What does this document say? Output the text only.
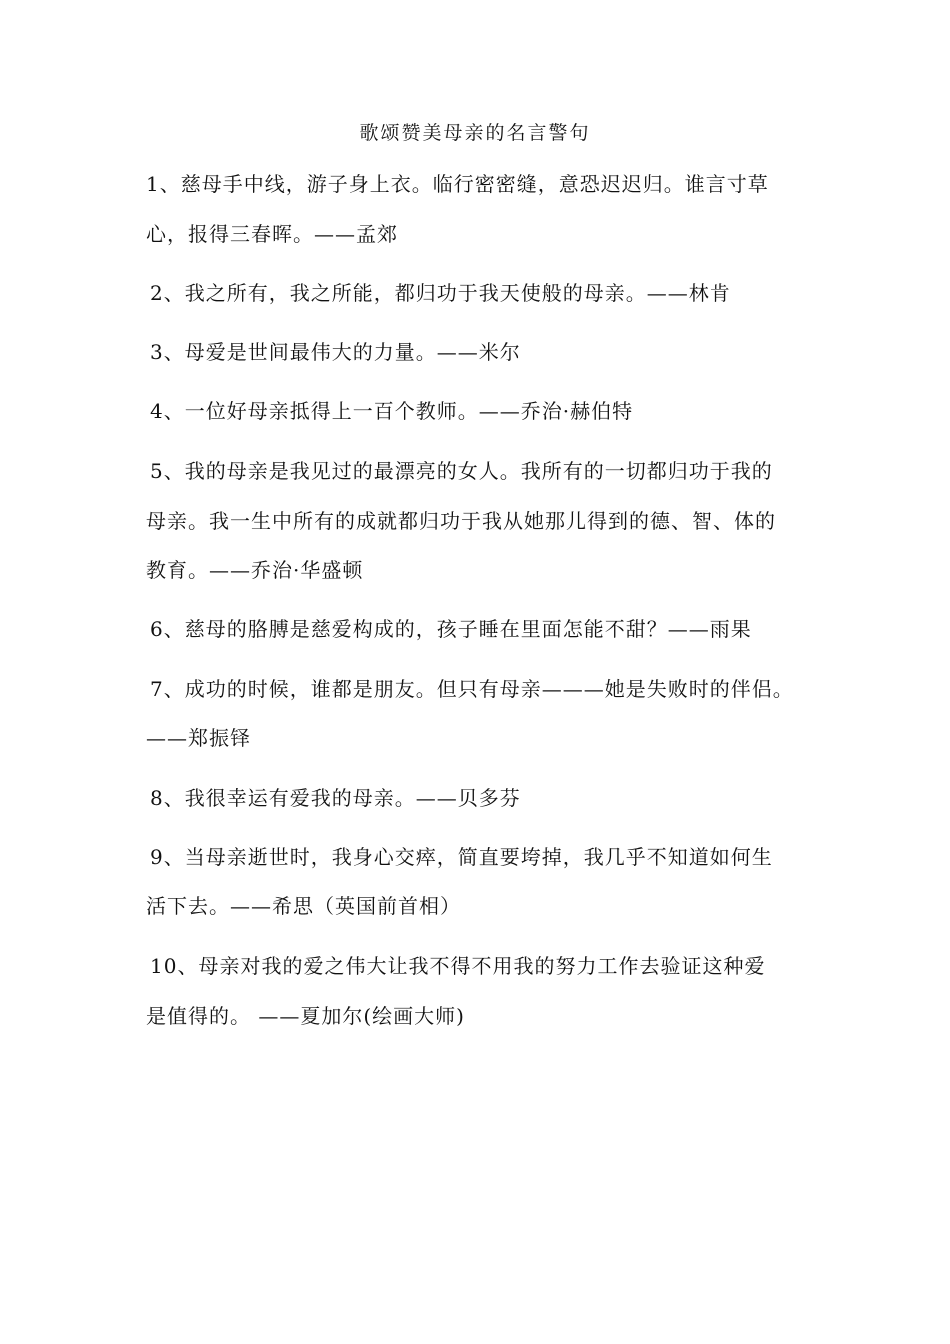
歌颂赞美母亲的名言警句
1、慈母手中线，游子身上衣。临行密密缝，意恐迟迟归。谁言寸草
心，报得三春晖。——孟郊
2、我之所有，我之所能，都归功于我天使般的母亲。——林肯
3、母爱是世间最伟大的力量。——米尔
4、一位好母亲抵得上一百个教师。——乔治·赫伯特
5、我的母亲是我见过的最漂亮的女人。我所有的一切都归功于我的
母亲。我一生中所有的成就都归功于我从她那儿得到的德、智、体的
教育。——乔治·华盛顿
6、慈母的胳膊是慈爱构成的，孩子睡在里面怎能不甜？——雨果
7、成功的时候，谁都是朋友。但只有母亲———她是失败时的伴侣。
——郑振铎
8、我很幸运有爱我的母亲。——贝多芬
9、当母亲逝世时，我身心交瘁，简直要垮掉，我几乎不知道如何生
活下去。——希思（英国前首相）
10、母亲对我的爱之伟大让我不得不用我的努力工作去验证这种爱
是值得的。 ——夏加尔(绘画大师)
